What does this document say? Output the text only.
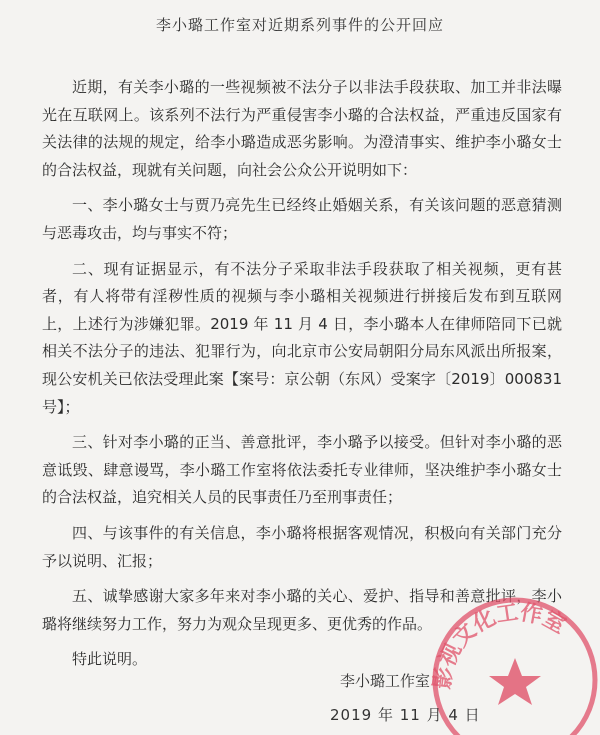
李小璐工作室对近期系列事件的公开回应

近期，有关李小璐的一些视频被不法分子以非法手段获取、加工并非法曝光在互联网上。该系列不法行为严重侵害李小璐的合法权益，严重违反国家有关法律的法规的规定，给李小璐造成恶劣影响。为澄清事实、维护李小璐女士的合法权益，现就有关问题，向社会公众公开说明如下：

一、李小璐女士与贾乃亮先生已经终止婚姻关系，有关该问题的恶意猜测与恶毒攻击，均与事实不符；

二、现有证据显示，有不法分子采取非法手段获取了相关视频，更有甚者，有人将带有淫秽性质的视频与李小璐相关视频进行拼接后发布到互联网上，上述行为涉嫌犯罪。2019 年 11 月 4 日，李小璐本人在律师陪同下已就相关不法分子的违法、犯罪行为，向北京市公安局朝阳分局东风派出所报案，现公安机关已依法受理此案【案号：京公朝（东风）受案字〔2019〕000831 号】；

三、针对李小璐的正当、善意批评，李小璐予以接受。但针对李小璐的恶意诋毁、肆意谩骂，李小璐工作室将依法委托专业律师，坚决维护李小璐女士的合法权益，追究相关人员的民事责任乃至刑事责任；

四、与该事件的有关信息，李小璐将根据客观情况，积极向有关部门充分予以说明、汇报；

五、诚挚感谢大家多年来对李小璐的关心、爱护、指导和善意批评，李小璐将继续努力工作，努力为观众呈现更多、更优秀的作品。

特此说明。

影视文化工作室
李小璐工作室
2019 年 11 月 4 日
